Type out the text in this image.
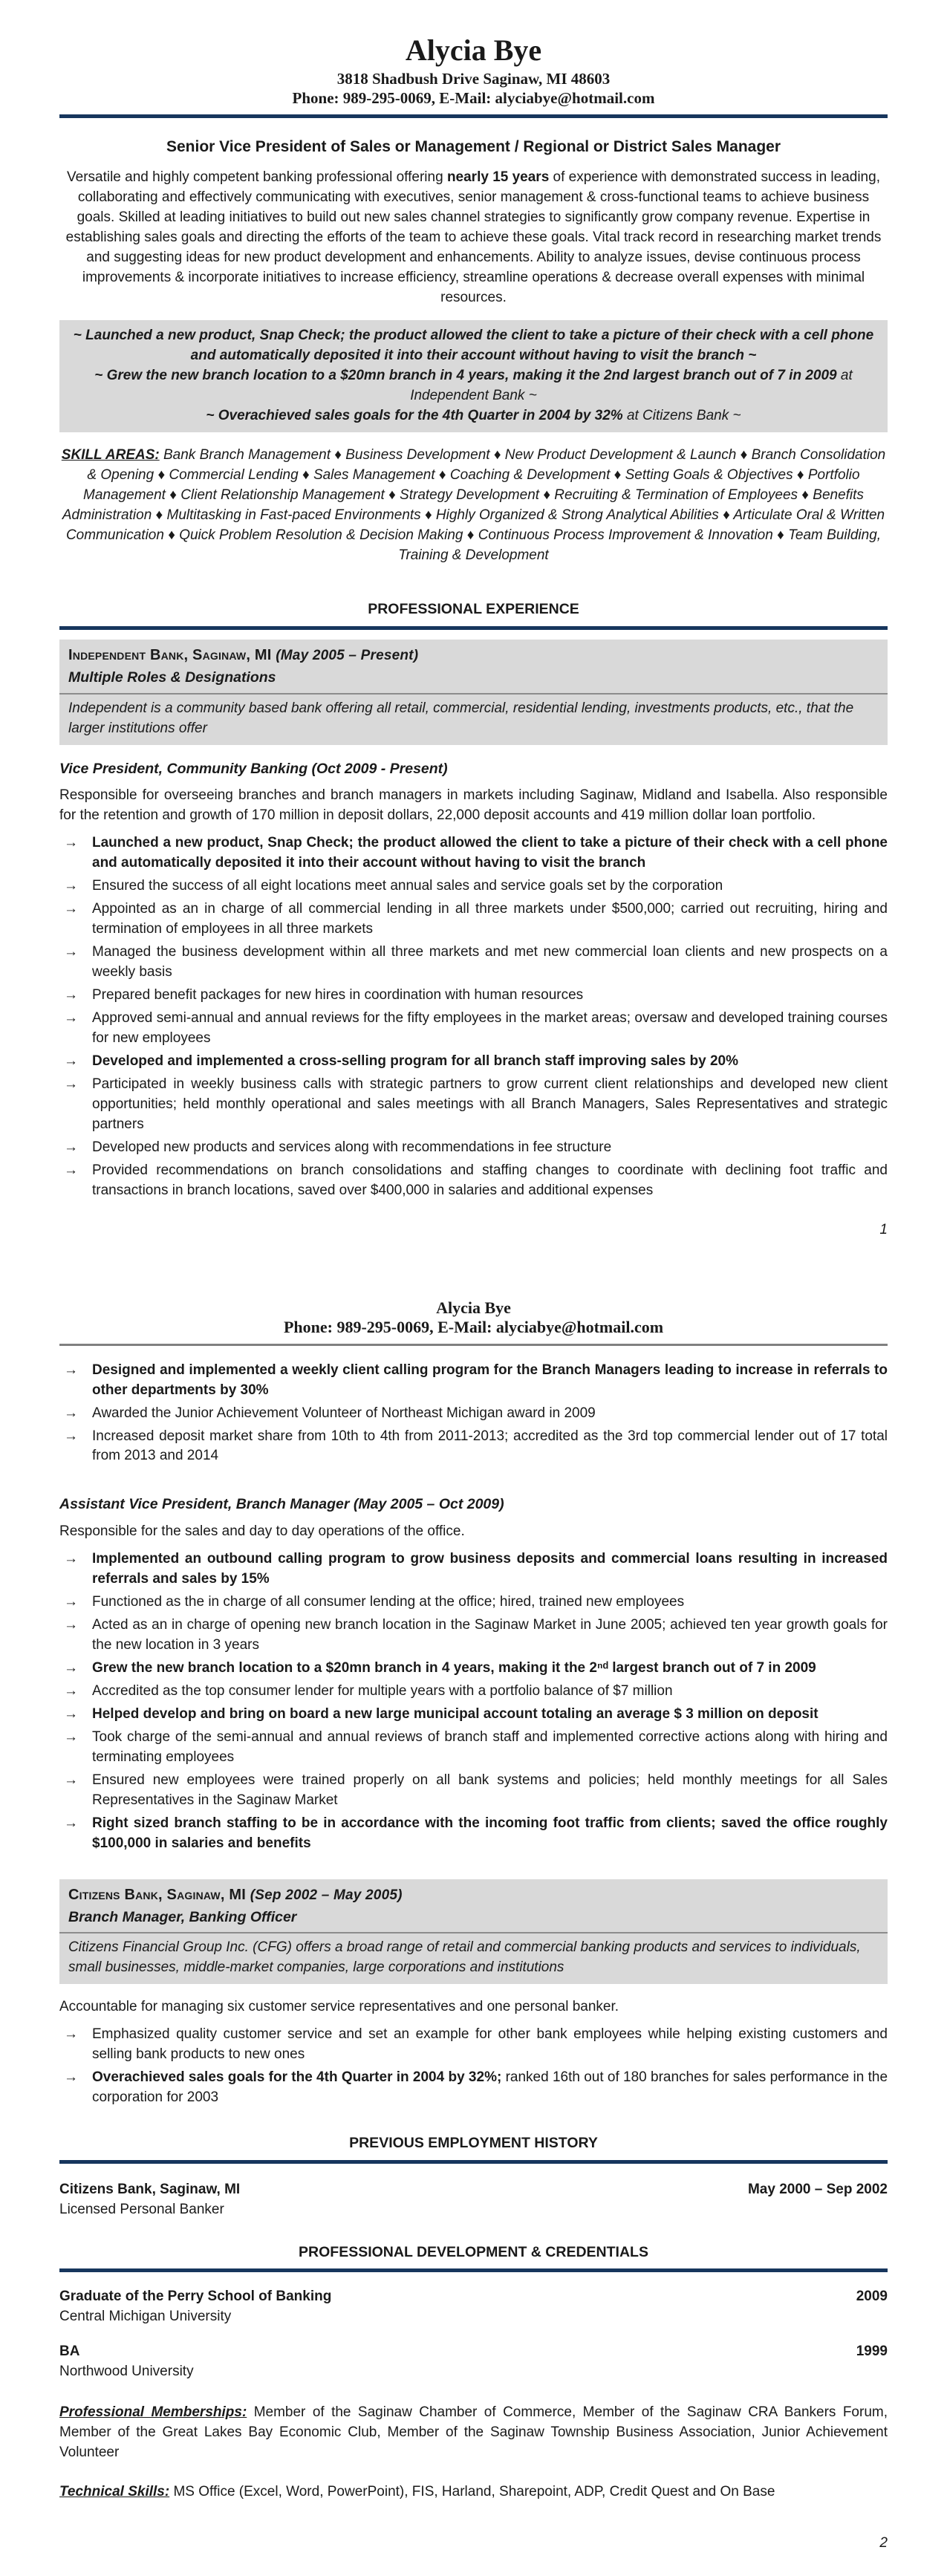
Alycia Bye
3818 Shadbush Drive Saginaw, MI 48603
Phone: 989-295-0069, E-Mail: alyciabye@hotmail.com
Senior Vice President of Sales or Management / Regional or District Sales Manager

Versatile and highly competent banking professional offering nearly 15 years of experience with demonstrated success in leading, collaborating and effectively communicating with executives, senior management & cross-functional teams to achieve business goals. Skilled at leading initiatives to build out new sales channel strategies to significantly grow company revenue. Expertise in establishing sales goals and directing the efforts of the team to achieve these goals. Vital track record in researching market trends and suggesting ideas for new product development and enhancements. Ability to analyze issues, devise continuous process improvements & incorporate initiatives to increase efficiency, streamline operations & decrease overall expenses with minimal resources.

~ Launched a new product, Snap Check; the product allowed the client to take a picture of their check with a cell phone and automatically deposited it into their account without having to visit the branch ~
~ Grew the new branch location to a $20mn branch in 4 years, making it the 2nd largest branch out of 7 in 2009 at Independent Bank ~
~ Overachieved sales goals for the 4th Quarter in 2004 by 32% at Citizens Bank ~

SKILL AREAS: Bank Branch Management ♦ Business Development ♦ New Product Development & Launch ♦ Branch Consolidation & Opening ♦ Commercial Lending ♦ Sales Management ♦ Coaching & Development ♦ Setting Goals & Objectives ♦ Portfolio Management ♦ Client Relationship Management ♦ Strategy Development ♦ Recruiting & Termination of Employees ♦ Benefits Administration ♦ Multitasking in Fast-paced Environments ♦ Highly Organized & Strong Analytical Abilities ♦ Articulate Oral & Written Communication ♦ Quick Problem Resolution & Decision Making ♦ Continuous Process Improvement & Innovation ♦ Team Building, Training & Development

PROFESSIONAL EXPERIENCE
Independent Bank, Saginaw, MI (May 2005 – Present)
Multiple Roles & Designations
Independent is a community based bank offering all retail, commercial, residential lending, investments products, etc., that the larger institutions offer
Vice President, Community Banking (Oct 2009 - Present)

Responsible for overseeing branches and branch managers in markets including Saginaw, Midland and Isabella. Also responsible for the retention and growth of 170 million in deposit dollars, 22,000 deposit accounts and 419 million dollar loan portfolio.

→	Launched a new product, Snap Check; the product allowed the client to take a picture of their check with a cell phone and automatically deposited it into their account without having to visit the branch
→	Ensured the success of all eight locations meet annual sales and service goals set by the corporation
→	Appointed as an in charge of all commercial lending in all three markets under $500,000; carried out recruiting, hiring and termination of employees in all three markets
→	Managed the business development within all three markets and met new commercial loan clients and new prospects on a weekly basis
→	Prepared benefit packages for new hires in coordination with human resources
→	Approved semi-annual and annual reviews for the fifty employees in the market areas; oversaw and developed training courses for new employees
→	Developed and implemented a cross-selling program for all branch staff improving sales by 20%
→	Participated in weekly business calls with strategic partners to grow current client relationships and developed new client opportunities; held monthly operational and sales meetings with all Branch Managers, Sales Representatives and strategic partners
→	Developed new products and services along with recommendations in fee structure
→	Provided recommendations on branch consolidations and staffing changes to coordinate with declining foot traffic and transactions in branch locations, saved over $400,000 in salaries and additional expenses
1
Alycia Bye
Phone: 989-295-0069, E-Mail: alyciabye@hotmail.com
→	Designed and implemented a weekly client calling program for the Branch Managers leading to increase in referrals to other departments by 30%
→	Awarded the Junior Achievement Volunteer of Northeast Michigan award in 2009
→	Increased deposit market share from 10th to 4th from 2011-2013; accredited as the 3rd top commercial lender out of 17 total from 2013 and 2014
Assistant Vice President, Branch Manager (May 2005 – Oct 2009)

Responsible for the sales and day to day operations of the office.

→	Implemented an outbound calling program to grow business deposits and commercial loans resulting in increased referrals and sales by 15%
→	Functioned as the in charge of all consumer lending at the office; hired, trained new employees
→	Acted as an in charge of opening new branch location in the Saginaw Market in June 2005; achieved ten year growth goals for the new location in 3 years
→	Grew the new branch location to a $20mn branch in 4 years, making it the 2ⁿᵈ largest branch out of 7 in 2009
→	Accredited as the top consumer lender for multiple years with a portfolio balance of $7 million
→	Helped develop and bring on board a new large municipal account totaling an average $ 3 million on deposit
→	Took charge of the semi-annual and annual reviews of branch staff and implemented corrective actions along with hiring and terminating employees
→	Ensured new employees were trained properly on all bank systems and policies; held monthly meetings for all Sales Representatives in the Saginaw Market
→	Right sized branch staffing to be in accordance with the incoming foot traffic from clients; saved the office roughly $100,000 in salaries and benefits
Citizens Bank, Saginaw, MI (Sep 2002 – May 2005)
Branch Manager, Banking Officer
Citizens Financial Group Inc. (CFG) offers a broad range of retail and commercial banking products and services to individuals, small businesses, middle-market companies, large corporations and institutions

Accountable for managing six customer service representatives and one personal banker.

→	Emphasized quality customer service and set an example for other bank employees while helping existing customers and selling bank products to new ones
→	Overachieved sales goals for the 4th Quarter in 2004 by 32%; ranked 16th out of 180 branches for sales performance in the corporation for 2003
PREVIOUS EMPLOYMENT HISTORY
Citizens Bank, Saginaw, MI	May 2000 – Sep 2002
Licensed Personal Banker
PROFESSIONAL DEVELOPMENT & CREDENTIALS
Graduate of the Perry School of Banking	2009
Central Michigan University
BA	1999
Northwood University

Professional Memberships: Member of the Saginaw Chamber of Commerce, Member of the Saginaw CRA Bankers Forum, Member of the Great Lakes Bay Economic Club, Member of the Saginaw Township Business Association, Junior Achievement Volunteer

Technical Skills: MS Office (Excel, Word, PowerPoint), FIS, Harland, Sharepoint, ADP, Credit Quest and On Base

2
